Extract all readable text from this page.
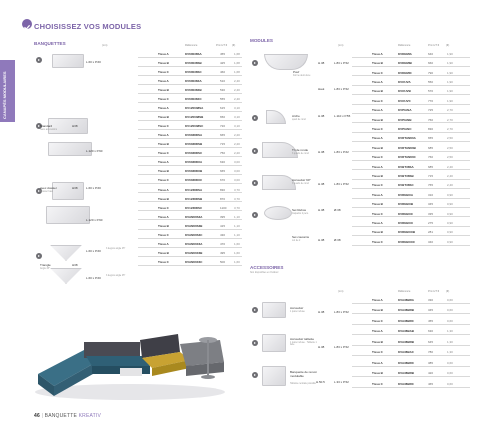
CHOISISSEZ VOS MODULES
CANAPÉS MODULAIRES
BANQUETTES	(cm)	Référence	Prix HT € (€)
Tissu A	KV60038SA	455	1,68
Tissu B	KV60038SB	425	1,68
Tissu C	KV60038SC	460	1,68
Tissu A	KV60038XA	510	2,40
Tissu B	KV60038XB	530	2,40
Tissu C	KV60038XC	555	2,40
Tissu A	KV120038SA	615	3,10
Tissu B	KV120038SB	650	3,10
Tissu C	KV120038SC	720	3,10
Tissu A	KV6038DSA	665	2,20
Tissu B	KV6038DSB	715	2,20
Tissu C	KV6038DSC	750	2,20
Tissu A	KV6038DXA	630	3,00
Tissu B	KV6038DXB	665	3,00
Tissu C	KV6038DXC	670	3,00
Tissu A	KV1238DSA	830	3,70
Tissu B	KV1238DSB	870	3,70
Tissu C	KV1238DSC	1100	3,70
Tissu A	KVAN60S3A	395	1,10
Tissu B	KVAN60S3B	415	1,10
Tissu C	KVAN60S3C	430	1,10
Tissu A	KVAN60X3A	470	1,60
Tissu B	KVAN60X3B	495	1,60
Tissu C	KVAN60X3C	500	1,60
Standard
Sans accoudoirs
H38
L.60 x P.60
L.120 x P.60
avec dossier
Dossier haut
H38	L.60 x P.60
L.120 x P.60
Triangle
Angle 45°
H38
L.60 x P.60
L.60 x P.60
3 degrés angle 45°
3 degrés angle 45°
MODULES
(cm)	Référence	Prix HT €	(€)
Tissu A	KVDEMIA	640	1,90
Tissu B	KVDEMIB	660	1,90
Tissu C	KVDEMIC	790	1,90
Tissu A	KVOUVA	550	1,90
Tissu B	KVOUVB	570	1,90
Tissu C	KVOUVC	770	1,90
Tissu A	KVPIANA	725	2,70
Tissu B	KVPIANB	760	2,70
Tissu C	KVPIANC	830	2,70
Tissu A	KVRTAN60A	655	2,50
Tissu B	KVRTAN60B	685	2,50
Tissu C	KVRTAN60C	760	2,50
Tissu A	KVBT38SA	685	2,40
Tissu B	KVBT38SB	715	2,40
Tissu C	KVBT38SC	765	2,40
Tissu A	KVREBOA	310	0,90
Tissu B	KVREBOB	345	0,90
Tissu C	KVREBOC	335	0,90
Tissu A	KVREBOX	275	0,90
Tissu B	KVREBOXB	281	0,90
Tissu C	KVREBOXC	340	0,90
Pouf
Forme demi-lune
H.38	L.83 x P.52
Haut	L.83 x P.52
Arche
quart de rond
H.38	L.110 x P.55
Tri de ronde
3 quarts de rond	H.38	L.83 x P.62
Accoudoir 90°
3 quarts de rond	H.38	L.83 x P.52
Set Rebos
Capacité 2 pers.
H.38	Ø.38
Set coussins
Lot de 2	H.38	Ø.38
ACCESSOIRES
Non disponibles en Outdoor
(cm)	Référence	Prix HT €	(€)
Tissu A	KVA38BRA	330	0,60
Tissu B	KVA38BRB	345	0,60
Tissu C	KVA38BRC	455	0,60
Tissu A	KVA38BAB	630	1,30
Tissu B	KVA38BRB	645	1,30
Tissu C	KVA38BAC	780	1,30
Tissu A	KVA38BRX	385	0,60
Tissu B	KVA38BRB	420	0,60
Tissu C	KVA38BRC	465	0,60
Accoudoir
1 paire incluse	H.38	L.83 x P.52
Accoudoir tablette
1 paire incluse · Tablette 1 face	H.38	L.83 x P.52
Banquette de renvoi modulable
Tablette centrale possible H.50.5	L.33 x P.52
46 | BANQUETTE KREATIV
